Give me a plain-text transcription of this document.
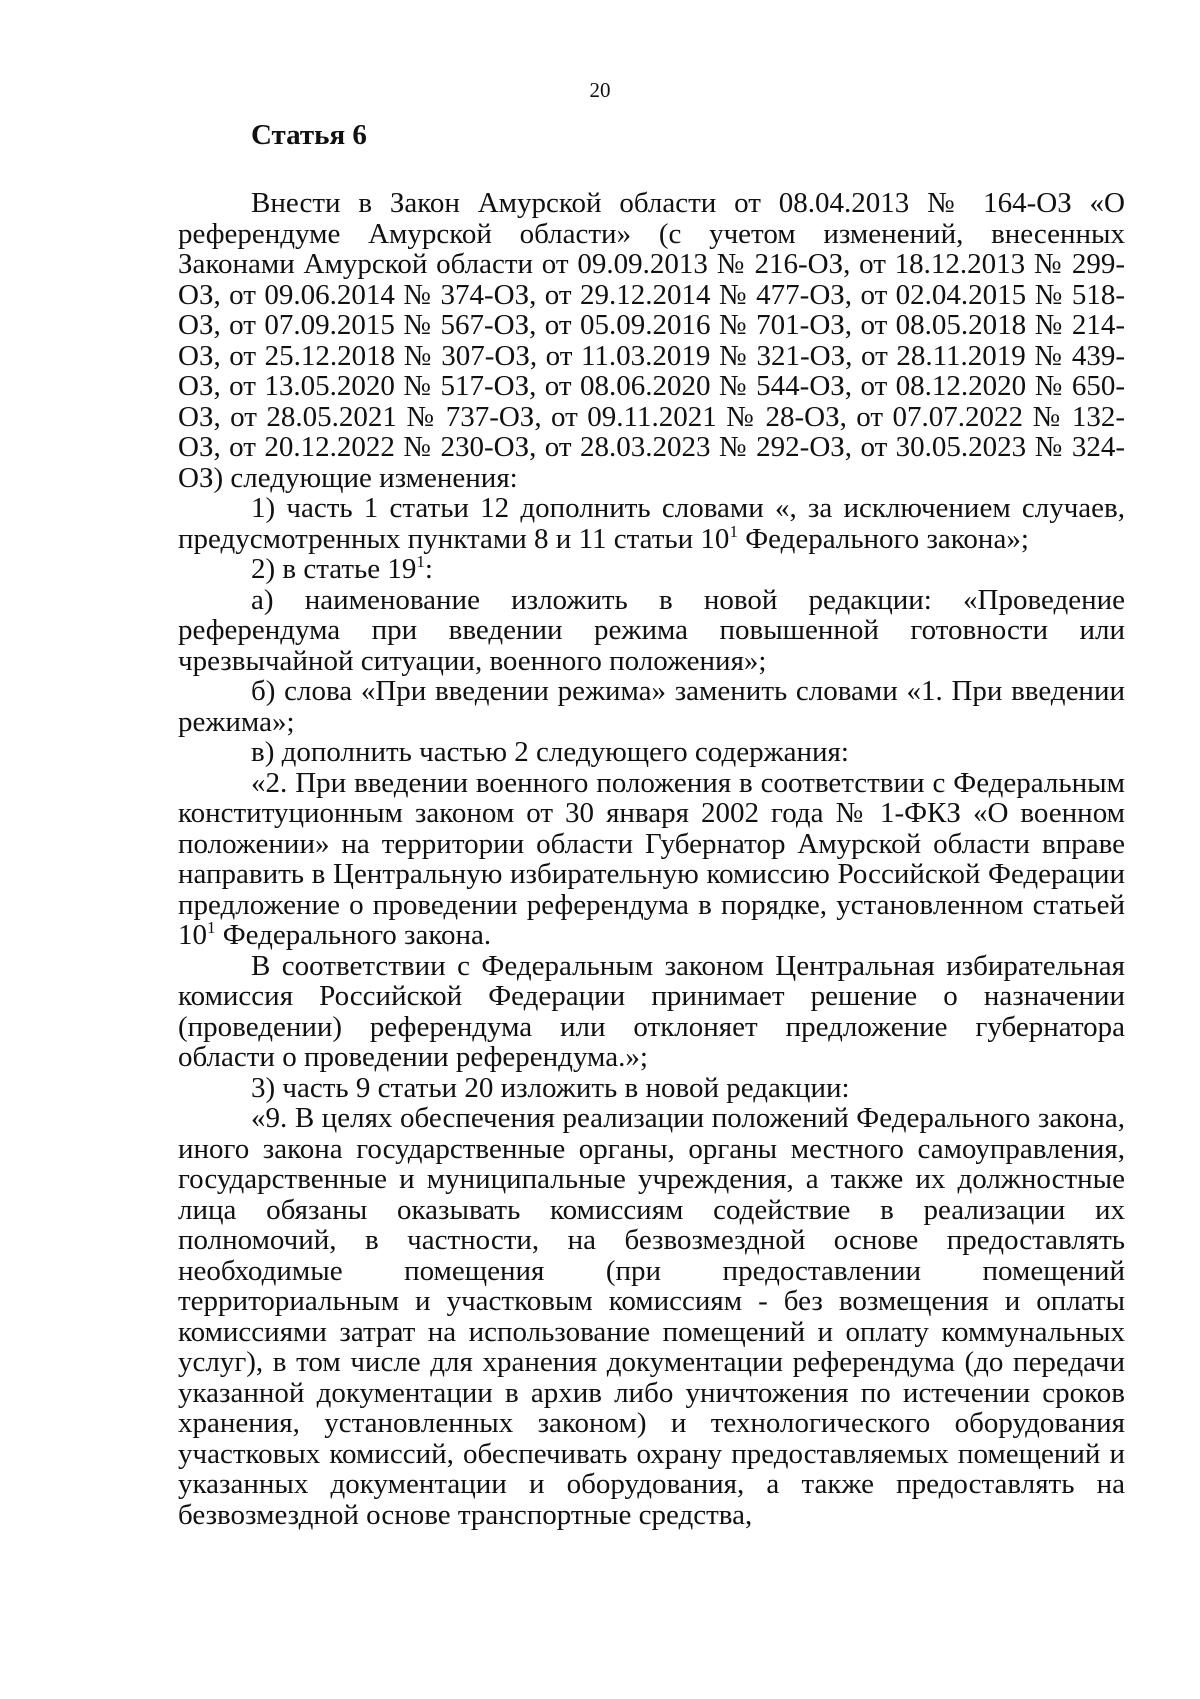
20
Статья 6

Внести в Закон Амурской области от 08.04.2013 № 164-ОЗ «О референдуме Амурской области» (с учетом изменений, внесенных Законами Амурской области от 09.09.2013 № 216-ОЗ, от 18.12.2013 № 299-ОЗ, от 09.06.2014 № 374-ОЗ, от 29.12.2014 № 477-ОЗ, от 02.04.2015 № 518-ОЗ, от 07.09.2015 № 567-ОЗ, от 05.09.2016 № 701-ОЗ, от 08.05.2018 № 214-ОЗ, от 25.12.2018 № 307-ОЗ, от 11.03.2019 № 321-ОЗ, от 28.11.2019 № 439-ОЗ, от 13.05.2020 № 517-ОЗ, от 08.06.2020 № 544-ОЗ, от 08.12.2020 № 650-ОЗ, от 28.05.2021 № 737-ОЗ, от 09.11.2021 № 28-ОЗ, от 07.07.2022 № 132-ОЗ, от 20.12.2022 № 230-ОЗ, от 28.03.2023 № 292-ОЗ, от 30.05.2023 № 324-ОЗ) следующие изменения:

1) часть 1 статьи 12 дополнить словами «, за исключением случаев, предусмотренных пунктами 8 и 11 статьи $10^1$ Федерального закона»;

2) в статье $19^1$:

а) наименование изложить в новой редакции: «Проведение референдума при введении режима повышенной готовности или чрезвычайной ситуации, военного положения»;

б) слова «При введении режима» заменить словами «1. При введении режима»;

в) дополнить частью 2 следующего содержания:

«2. При введении военного положения в соответствии с Федеральным конституционным законом от 30 января 2002 года № 1-ФКЗ «О военном положении» на территории области Губернатор Амурской области вправе направить в Центральную избирательную комиссию Российской Федерации предложение о проведении референдума в порядке, установленном статьей $10^1$ Федерального закона.

В соответствии с Федеральным законом Центральная избирательная комиссия Российской Федерации принимает решение о назначении (проведении) референдума или отклоняет предложение губернатора области о проведении референдума.»;

3) часть 9 статьи 20 изложить в новой редакции:

«9. В целях обеспечения реализации положений Федерального закона, иного закона государственные органы, органы местного самоуправления, государственные и муниципальные учреждения, а также их должностные лица обязаны оказывать комиссиям содействие в реализации их полномочий, в частности, на безвозмездной основе предоставлять необходимые помещения (при предоставлении помещений территориальным и участковым комиссиям - без возмещения и оплаты комиссиями затрат на использование помещений и оплату коммунальных услуг), в том числе для хранения документации референдума (до передачи указанной документации в архив либо уничтожения по истечении сроков хранения, установленных законом) и технологического оборудования участковых комиссий, обеспечивать охрану предоставляемых помещений и указанных документации и оборудования, а также предоставлять на безвозмездной основе транспортные средства,
